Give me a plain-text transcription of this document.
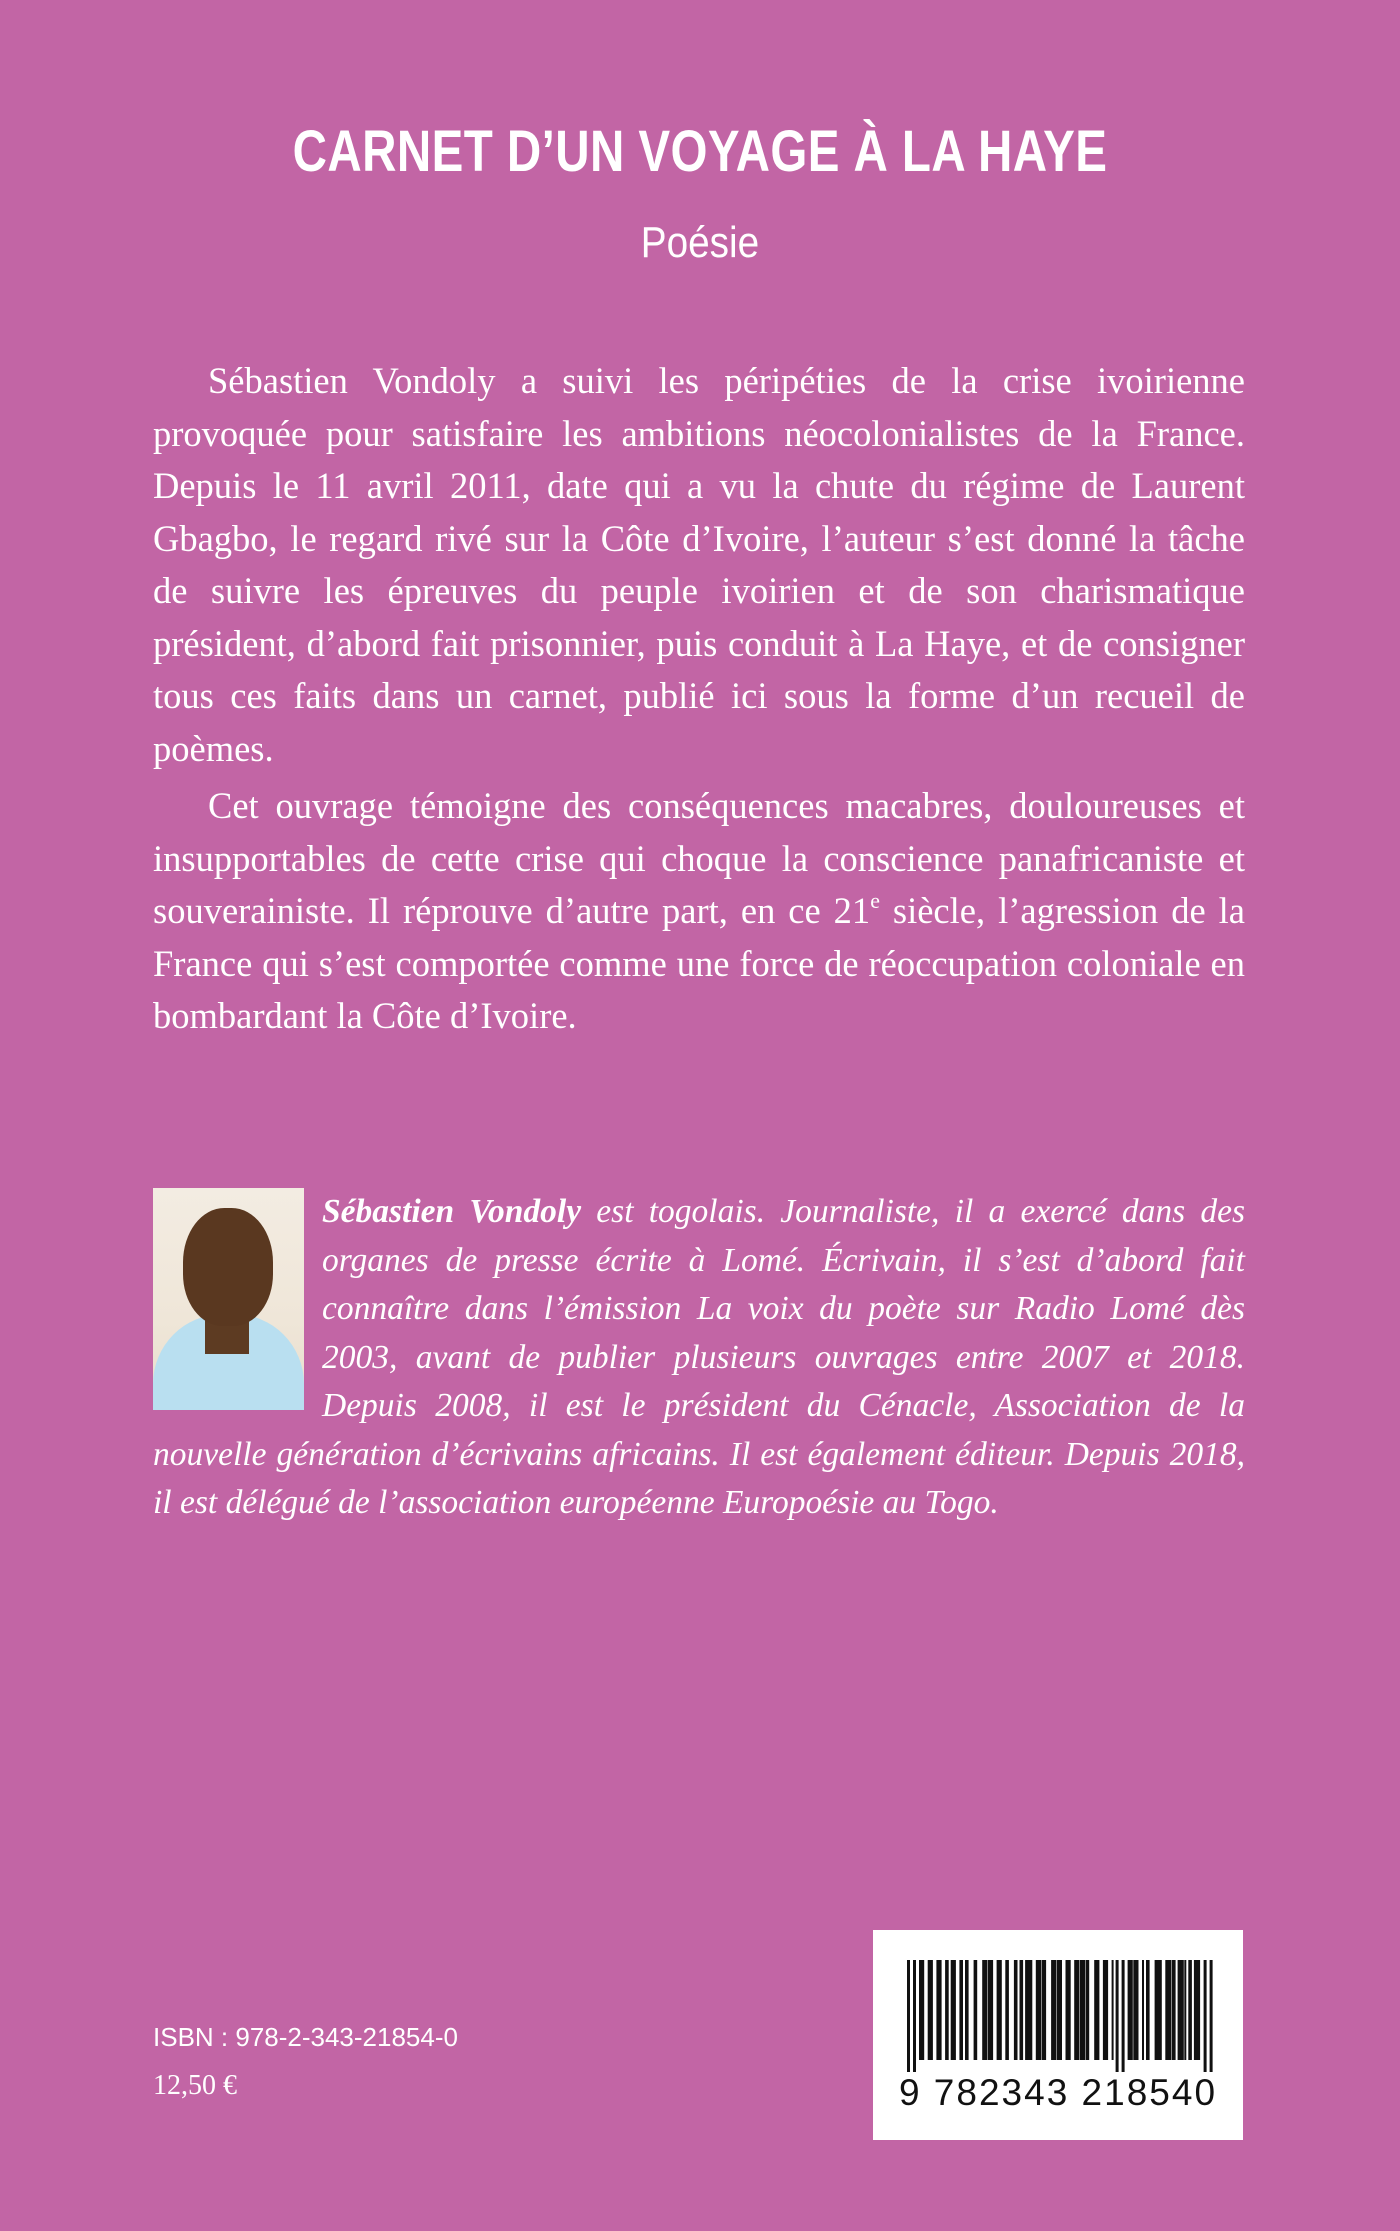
CARNET D’UN VOYAGE À LA HAYE
Poésie

Sébastien Vondoly a suivi les péripéties de la crise ivoirienne provoquée pour satisfaire les ambitions néocolonialistes de la France. Depuis le 11 avril 2011, date qui a vu la chute du régime de Laurent Gbagbo, le regard rivé sur la Côte d’Ivoire, l’auteur s’est donné la tâche de suivre les épreuves du peuple ivoirien et de son charismatique président, d’abord fait prisonnier, puis conduit à La Haye, et de consigner tous ces faits dans un carnet, publié ici sous la forme d’un recueil de poèmes.

Cet ouvrage témoigne des conséquences macabres, douloureuses et insupportables de cette crise qui choque la conscience panafricaniste et souverainiste. Il réprouve d’autre part, en ce 21e siècle, l’agression de la France qui s’est comportée comme une force de réoccupation coloniale en bombardant la Côte d’Ivoire.

Sébastien Vondoly est togolais. Journaliste, il a exercé dans des organes de presse écrite à Lomé. Écrivain, il s’est d’abord fait connaître dans l’émission La voix du poète sur Radio Lomé dès 2003, avant de publier plusieurs ouvrages entre 2007 et 2018. Depuis 2008, il est le président du Cénacle, Association de la nouvelle génération d’écrivains africains. Il est également éditeur. Depuis 2018, il est délégué de l’association européenne Europoésie au Togo.

ISBN : 978-2-343-21854-0
12,50 €	9 782343 218540
